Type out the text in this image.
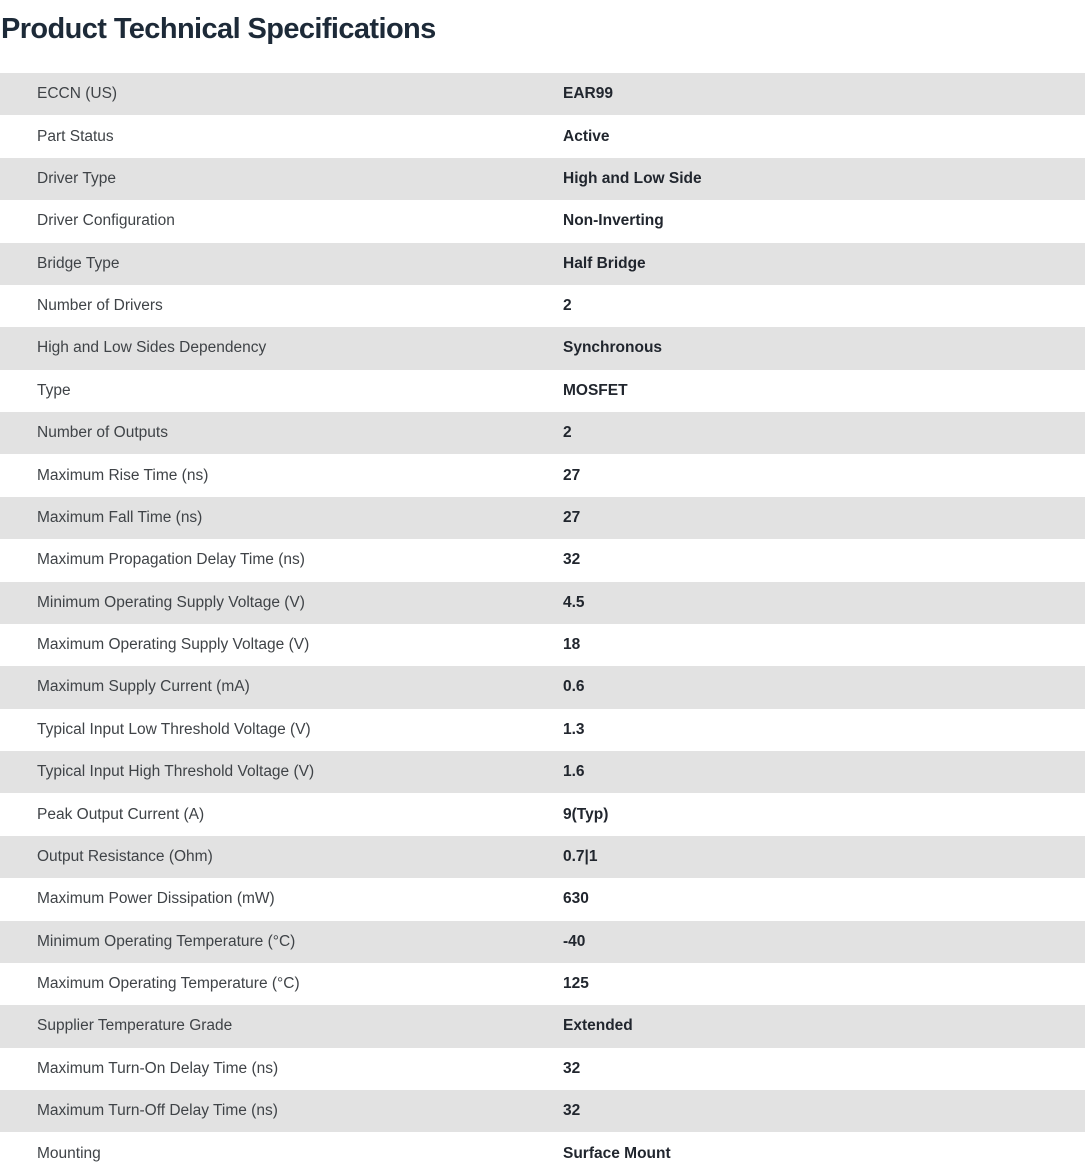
Product Technical Specifications
ECCN (US)	EAR99
Part Status	Active
Driver Type	High and Low Side
Driver Configuration	Non-Inverting
Bridge Type	Half Bridge
Number of Drivers	2
High and Low Sides Dependency	Synchronous
Type	MOSFET
Number of Outputs	2
Maximum Rise Time (ns)	27
Maximum Fall Time (ns)	27
Maximum Propagation Delay Time (ns)	32
Minimum Operating Supply Voltage (V)	4.5
Maximum Operating Supply Voltage (V)	18
Maximum Supply Current (mA)	0.6
Typical Input Low Threshold Voltage (V)	1.3
Typical Input High Threshold Voltage (V)	1.6
Peak Output Current (A)	9(Typ)
Output Resistance (Ohm)	0.7|1
Maximum Power Dissipation (mW)	630
Minimum Operating Temperature (°C)	-40
Maximum Operating Temperature (°C)	125
Supplier Temperature Grade	Extended
Maximum Turn-On Delay Time (ns)	32
Maximum Turn-Off Delay Time (ns)	32
Mounting	Surface Mount
